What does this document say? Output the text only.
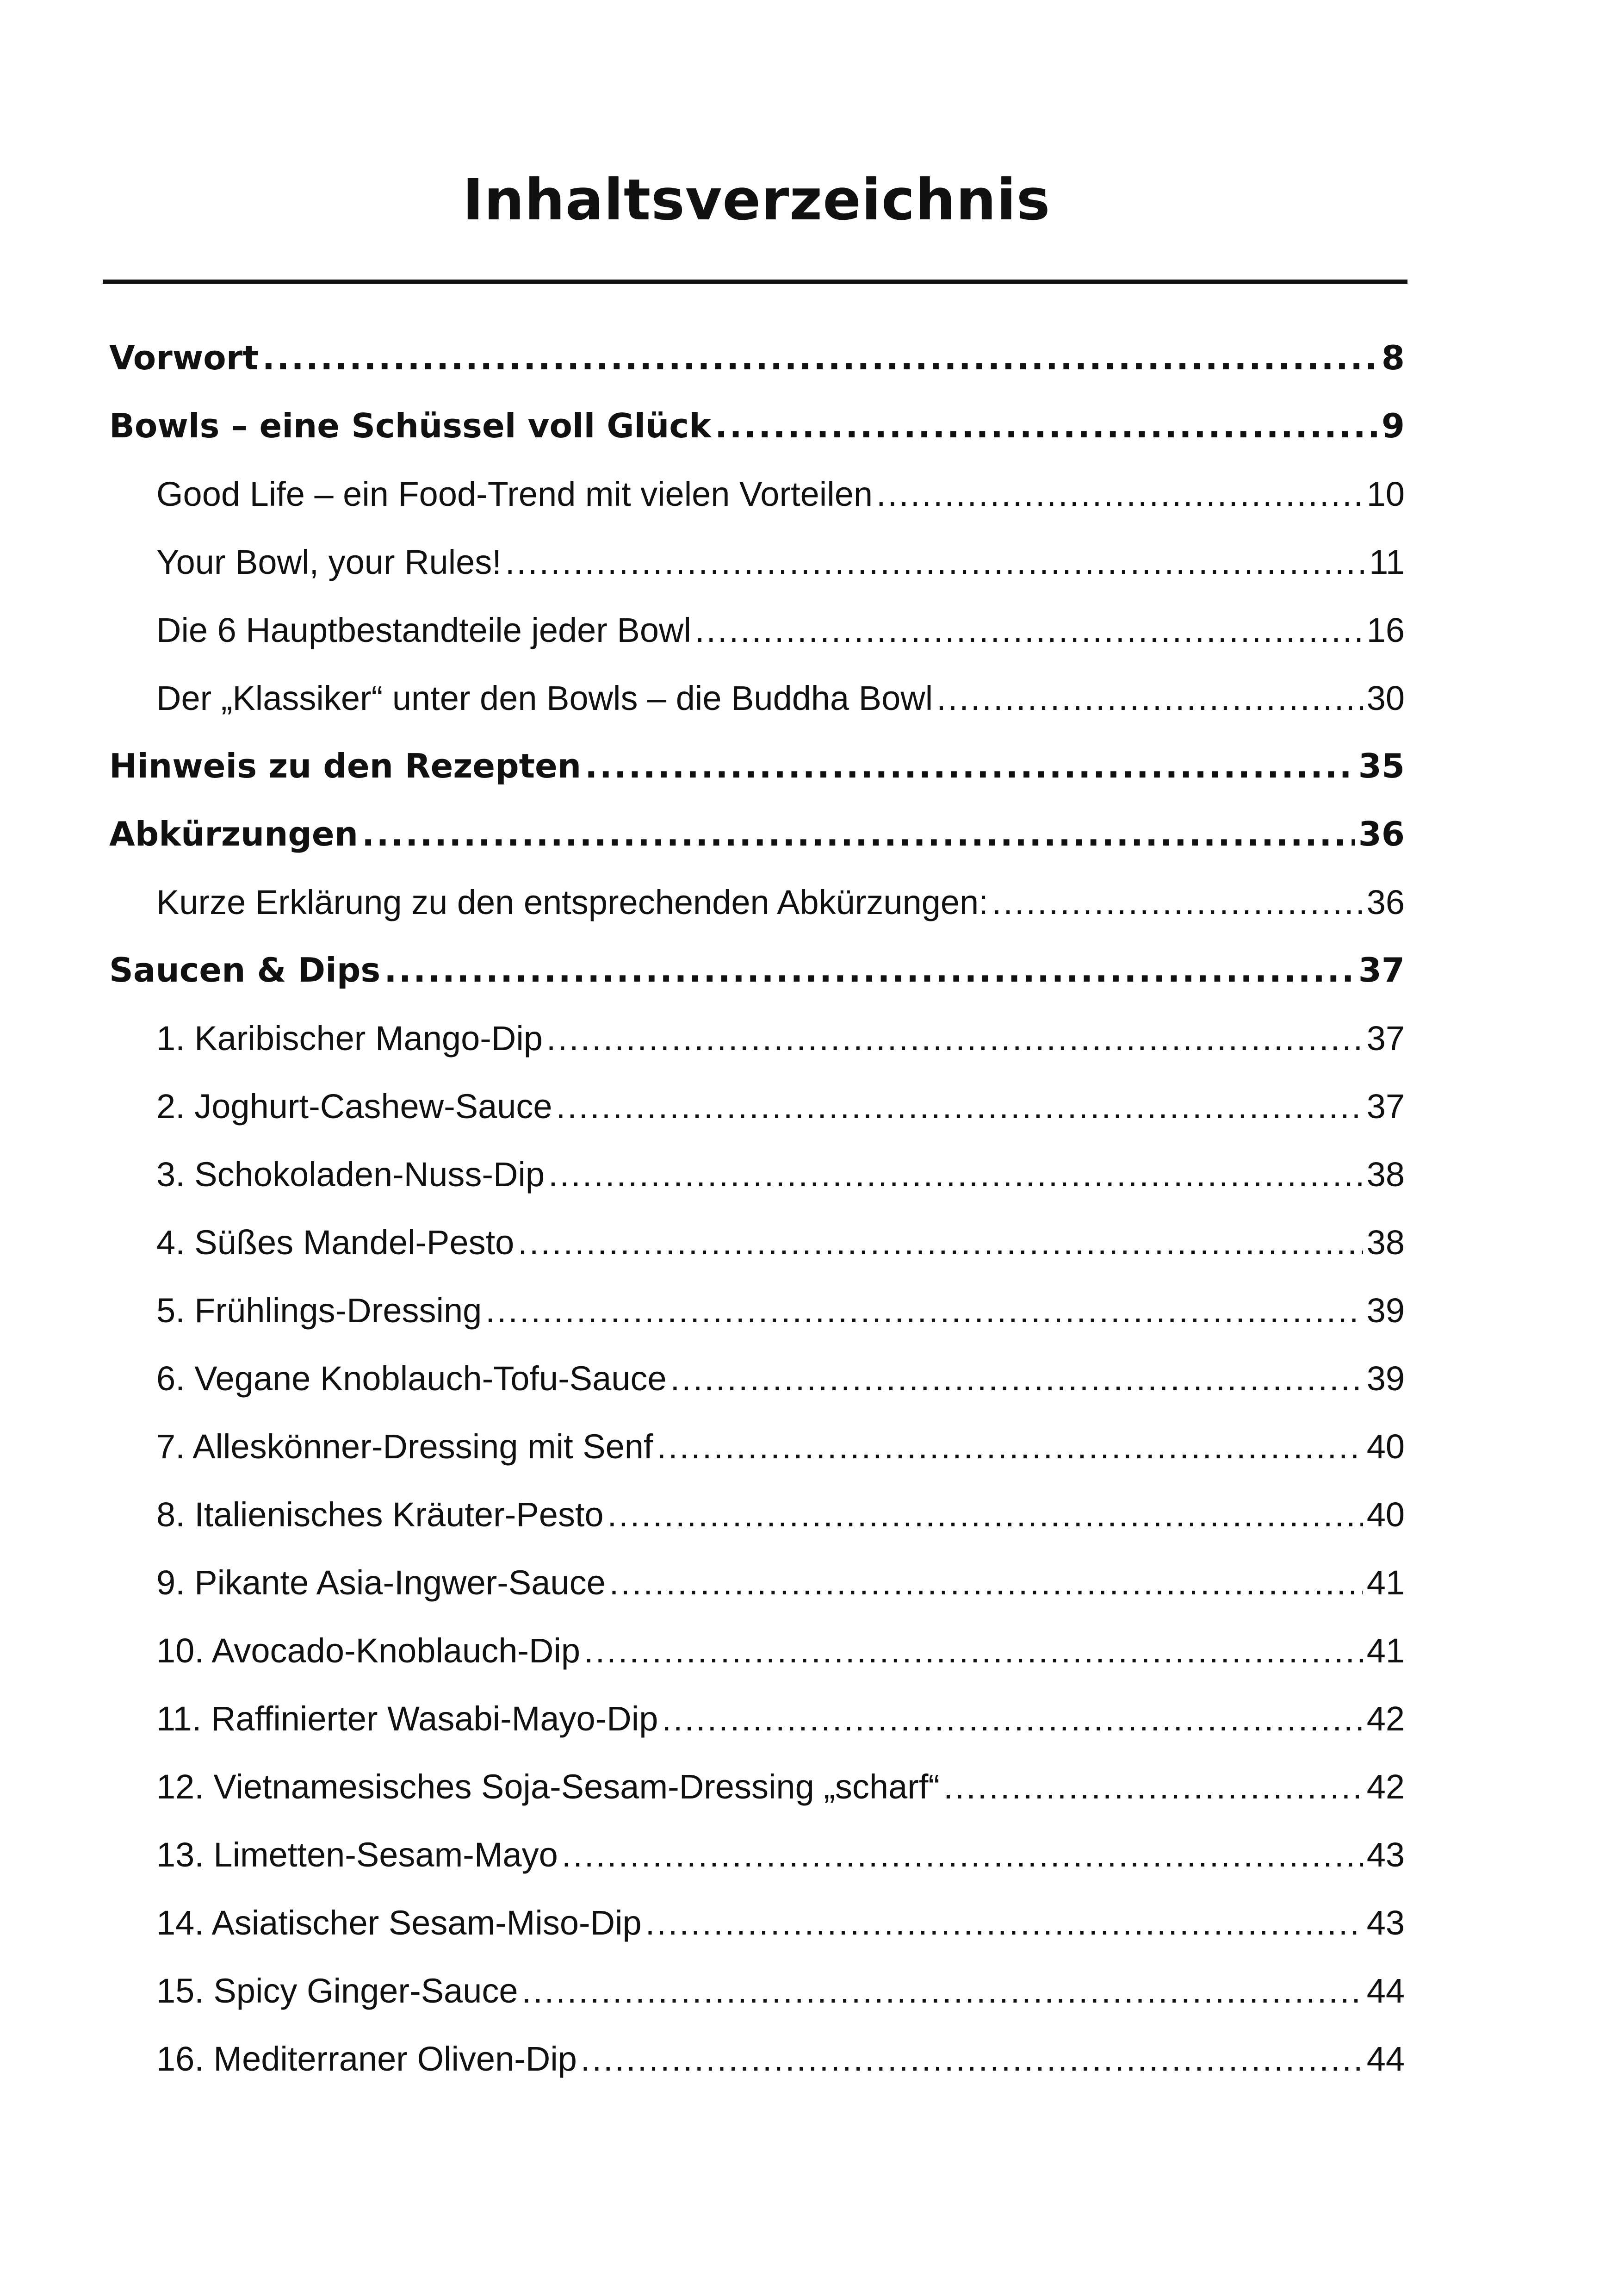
Inhaltsverzeichnis
Vorwort .....	8
Bowls – eine Schüssel voll Glück .....	9
Good Life – ein Food-Trend mit vielen Vorteilen .....	10
Your Bowl, your Rules! .....	11
Die 6 Hauptbestandteile jeder Bowl .....	16
Der „Klassiker“ unter den Bowls – die Buddha Bowl .....	30
Hinweis zu den Rezepten .....	35
Abkürzungen .....	36
Kurze Erklärung zu den entsprechenden Abkürzungen: .....	36
Saucen & Dips .....	37
1. Karibischer Mango-Dip .....	37
2. Joghurt-Cashew-Sauce .....	37
3. Schokoladen-Nuss-Dip .....	38
4. Süßes Mandel-Pesto .....	38
5. Frühlings-Dressing .....	39
6. Vegane Knoblauch-Tofu-Sauce .....	39
7. Alleskönner-Dressing mit Senf .....	40
8. Italienisches Kräuter-Pesto .....	40
9. Pikante Asia-Ingwer-Sauce .....	41
10. Avocado-Knoblauch-Dip .....	41
11. Raffinierter Wasabi-Mayo-Dip .....	42
12. Vietnamesisches Soja-Sesam-Dressing „scharf“ .....	42
13. Limetten-Sesam-Mayo .....	43
14. Asiatischer Sesam-Miso-Dip .....	43
15. Spicy Ginger-Sauce .....	44
16. Mediterraner Oliven-Dip .....	44
